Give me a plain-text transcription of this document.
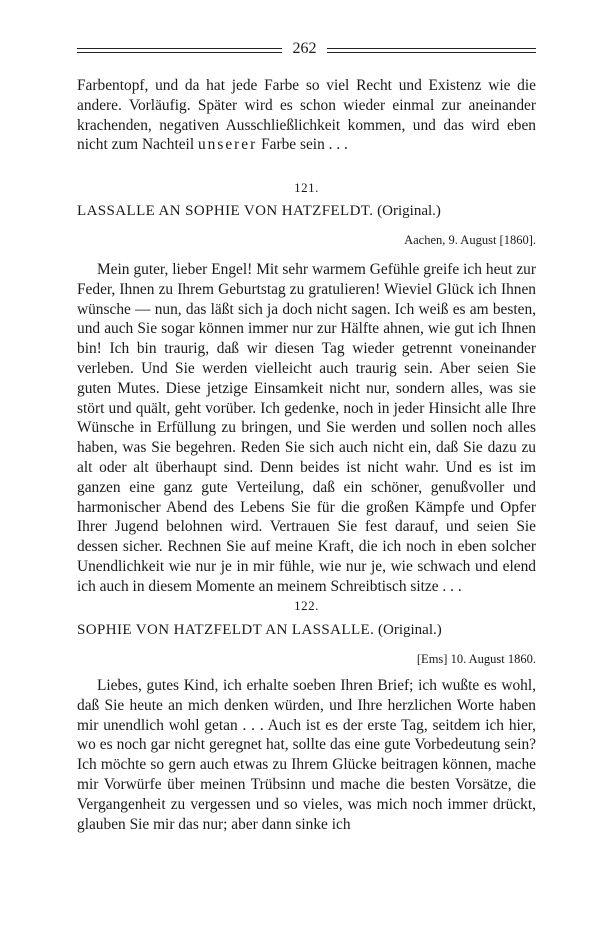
262

Farbentopf, und da hat jede Farbe so viel Recht und Existenz wie die andere. Vorläufig. Später wird es schon wieder einmal zur aneinander krachenden, negativen Ausschließlichkeit kommen, und das wird eben nicht zum Nachteil unserer Farbe sein . . .

121.
LASSALLE AN SOPHIE VON HATZFELDT. (Original.)
Aachen, 9. August [1860].

Mein guter, lieber Engel! Mit sehr warmem Gefühle greife ich heut zur Feder, Ihnen zu Ihrem Geburtstag zu gratulieren! Wieviel Glück ich Ihnen wünsche — nun, das läßt sich ja doch nicht sagen. Ich weiß es am besten, und auch Sie sogar können immer nur zur Hälfte ahnen, wie gut ich Ihnen bin! Ich bin traurig, daß wir diesen Tag wieder getrennt voneinander verleben. Und Sie werden vielleicht auch traurig sein. Aber seien Sie guten Mutes. Diese jetzige Einsamkeit nicht nur, sondern alles, was sie stört und quält, geht vorüber. Ich gedenke, noch in jeder Hinsicht alle Ihre Wünsche in Erfüllung zu bringen, und Sie werden und sollen noch alles haben, was Sie begehren. Reden Sie sich auch nicht ein, daß Sie dazu zu alt oder alt überhaupt sind. Denn beides ist nicht wahr. Und es ist im ganzen eine ganz gute Verteilung, daß ein schöner, genußvoller und harmonischer Abend des Lebens Sie für die großen Kämpfe und Opfer Ihrer Jugend belohnen wird. Vertrauen Sie fest darauf, und seien Sie dessen sicher. Rechnen Sie auf meine Kraft, die ich noch in eben solcher Unendlichkeit wie nur je in mir fühle, wie nur je, wie schwach und elend ich auch in diesem Momente an meinem Schreibtisch sitze . . .

122.
SOPHIE VON HATZFELDT AN LASSALLE. (Original.)
[Ems] 10. August 1860.

Liebes, gutes Kind, ich erhalte soeben Ihren Brief; ich wußte es wohl, daß Sie heute an mich denken würden, und Ihre herzlichen Worte haben mir unendlich wohl getan . . . Auch ist es der erste Tag, seitdem ich hier, wo es noch gar nicht geregnet hat, sollte das eine gute Vorbedeutung sein? Ich möchte so gern auch etwas zu Ihrem Glücke beitragen können, mache mir Vorwürfe über meinen Trübsinn und mache die besten Vorsätze, die Vergangenheit zu vergessen und so vieles, was mich noch immer drückt, glauben Sie mir das nur; aber dann sinke ich
